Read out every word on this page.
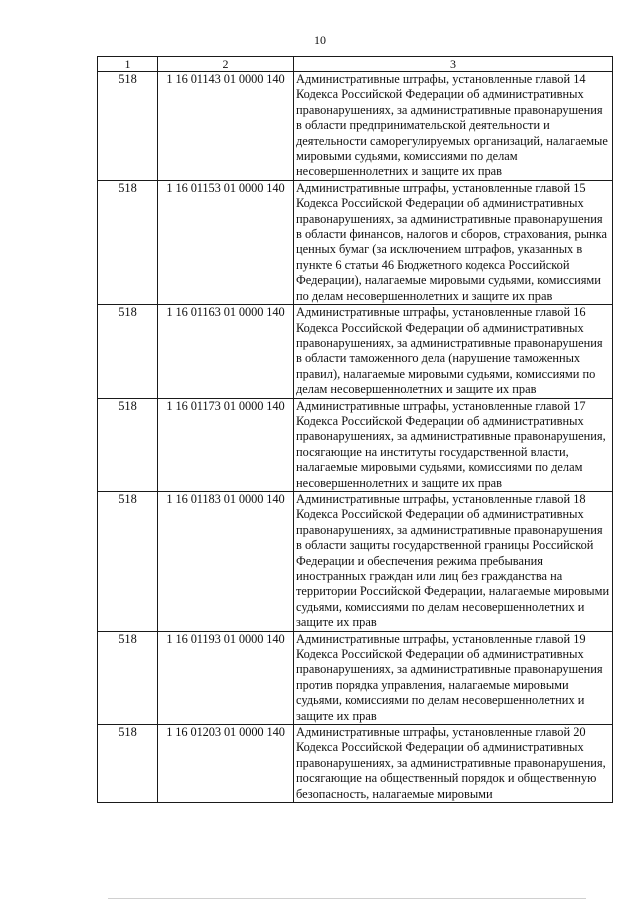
10
1	2	3
518	1 16 01143 01 0000 140	Административные штрафы, установленные главой 14 Кодекса Российской Федерации об административных правонарушениях, за административные правонарушения в области предпринимательской деятельности и деятельности саморегулируемых организаций, налагаемые мировыми судьями, комиссиями по делам несовершеннолетних и защите их прав
518	1 16 01153 01 0000 140	Административные штрафы, установленные главой 15 Кодекса Российской Федерации об административных правонарушениях, за административные правонарушения в области финансов, налогов и сборов, страхования, рынка ценных бумаг (за исключением штрафов, указанных в пункте 6 статьи 46 Бюджетного кодекса Российской Федерации), налагаемые мировыми судьями, комиссиями по делам несовершеннолетних и защите их прав
518	1 16 01163 01 0000 140	Административные штрафы, установленные главой 16 Кодекса Российской Федерации об административных правонарушениях, за административные правонарушения в области таможенного дела (нарушение таможенных правил), налагаемые мировыми судьями, комиссиями по делам несовершеннолетних и защите их прав
518	1 16 01173 01 0000 140	Административные штрафы, установленные главой 17 Кодекса Российской Федерации об административных правонарушениях, за административные правонарушения, посягающие на институты государственной власти, налагаемые мировыми судьями, комиссиями по делам несовершеннолетних и защите их прав
518	1 16 01183 01 0000 140	Административные штрафы, установленные главой 18 Кодекса Российской Федерации об административных правонарушениях, за административные правонарушения в области защиты государственной границы Российской Федерации и обеспечения режима пребывания иностранных граждан или лиц без гражданства на территории Российской Федерации, налагаемые мировыми судьями, комиссиями по делам несовершеннолетних и защите их прав
518	1 16 01193 01 0000 140	Административные штрафы, установленные главой 19 Кодекса Российской Федерации об административных правонарушениях, за административные правонарушения против порядка управления, налагаемые мировыми судьями, комиссиями по делам несовершеннолетних и защите их прав
518	1 16 01203 01 0000 140	Административные штрафы, установленные главой 20 Кодекса Российской Федерации об административных правонарушениях, за административные правонарушения, посягающие на общественный порядок и общественную безопасность, налагаемые мировыми
